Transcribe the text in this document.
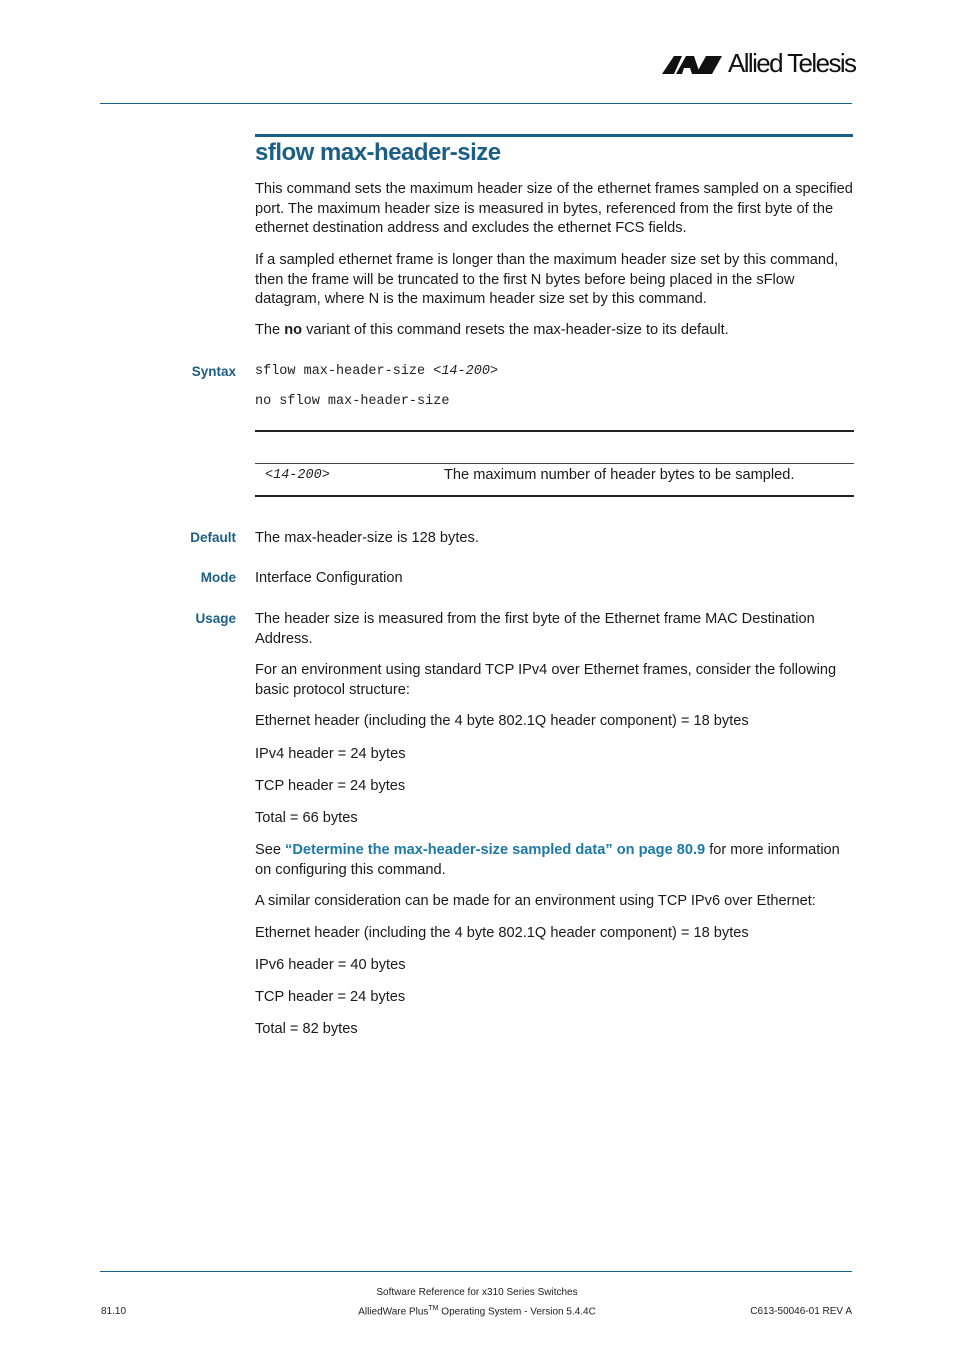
Allied Telesis
sflow max-header-size
This command sets the maximum header size of the ethernet frames sampled on a specified port. The maximum header size is measured in bytes, referenced from the first byte of the ethernet destination address and excludes the ethernet FCS fields.
If a sampled ethernet frame is longer than the maximum header size set by this command, then the frame will be truncated to the first N bytes before being placed in the sFlow datagram, where N is the maximum header size set by this command.
The no variant of this command resets the max-header-size to its default.
Syntax sflow max-header-size <14-200>
no sflow max-header-size
<14-200>	The maximum number of header bytes to be sampled.
Default The max-header-size is 128 bytes.
Mode Interface Configuration
Usage The header size is measured from the first byte of the Ethernet frame MAC Destination Address.
For an environment using standard TCP IPv4 over Ethernet frames, consider the following basic protocol structure:
Ethernet header (including the 4 byte 802.1Q header component) = 18 bytes
IPv4 header = 24 bytes
TCP header = 24 bytes
Total = 66 bytes
See “Determine the max-header-size sampled data” on page 80.9 for more information on configuring this command.
A similar consideration can be made for an environment using TCP IPv6 over Ethernet:
Ethernet header (including the 4 byte 802.1Q header component) = 18 bytes
IPv6 header = 40 bytes
TCP header = 24 bytes
Total = 82 bytes
Software Reference for x310 Series Switches
AlliedWare Plus™ Operating System - Version 5.4.4C
81.10	C613-50046-01 REV A
